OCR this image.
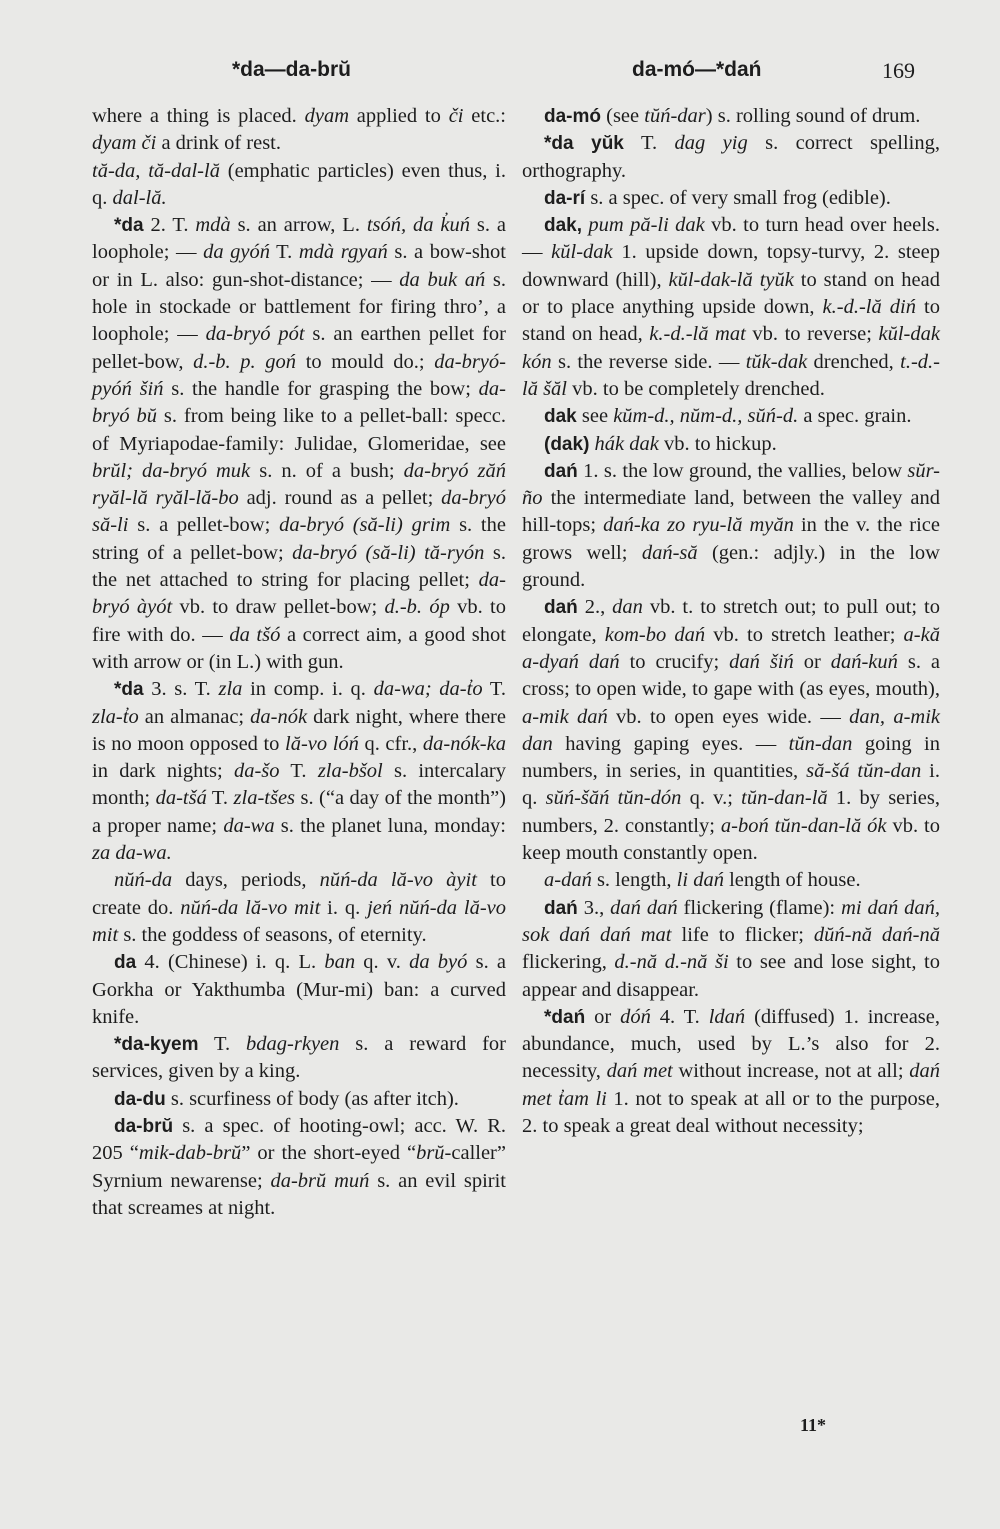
*da—da-brŭ	da-mó—*dań	169

where a thing is placed. dyam applied to či etc.: dyam či a drink of rest.

tă-da, tă-dal-lă (emphatic particles) even thus, i. q. dal-lă.

*da 2. T. mdà s. an arrow, L. tsóń, da k̓uń s. a loophole; — da gyóń T. mdà rgyań s. a bow-shot or in L. also: gun-shot-distance; — da buk ań s. hole in stockade or battlement for firing thro’, a loophole; — da-bryó pót s. an earthen pellet for pellet-bow, d.-b. p. goń to mould do.; da-bryó-pyóń šiń s. the handle for grasping the bow; da-bryó bŭ s. from being like to a pellet-ball: specc. of Myriapodae-family: Julidae, Glomeridae, see brŭl; da-bryó muk s. n. of a bush; da-bryó zăń ryăl-lă ryăl-lă-bo adj. round as a pellet; da-bryó să-li s. a pellet-bow; da-bryó (să-li) grim s. the string of a pellet-bow; da-bryó (să-li) tă-ryón s. the net attached to string for placing pellet; da-bryó àyót vb. to draw pellet-bow; d.-b. óp vb. to fire with do. — da tšó a correct aim, a good shot with arrow or (in L.) with gun.

*da 3. s. T. zla in comp. i. q. da-wa; da-t̓o T. zla-t̓o an almanac; da-nók dark night, where there is no moon opposed to lă-vo lóń q. cfr., da-nók-ka in dark nights; da-šo T. zla-bšol s. intercalary month; da-tšá T. zla-tšes s. (“a day of the month”) a proper name; da-wa s. the planet luna, monday: za da-wa.

nŭń-da days, periods, nŭń-da lă-vo àyit to create do. nŭń-da lă-vo mit i. q. jeń nŭń-da lă-vo mit s. the goddess of seasons, of eternity.

da 4. (Chinese) i. q. L. ban q. v. da byó s. a Gorkha or Yakthumba (Mur-mi) ban: a curved knife.

*da-kyem T. bdag-rkyen s. a reward for services, given by a king.

da-du s. scurfiness of body (as after itch).

da-brŭ s. a spec. of hooting-owl; acc. W. R. 205 “mik-dab-brŭ” or the short-eyed “brŭ-caller” Syrnium newarense; da-brŭ muń s. an evil spirit that screames at night.

da-mó (see tŭń-dar) s. rolling sound of drum.

*da yŭk T. dag yig s. correct spelling, orthography.

da-rí s. a spec. of very small frog (edible).

dak, pum pă-li dak vb. to turn head over heels. — kŭl-dak 1. upside down, topsy-turvy, 2. steep downward (hill), kŭl-dak-lă tyŭk to stand on head or to place anything upside down, k.-d.-lă diń to stand on head, k.-d.-lă mat vb. to reverse; kŭl-dak kón s. the reverse side. — tŭk-dak drenched, t.-d.-lă šăl vb. to be completely drenched.

dak see kŭm-d., nŭm-d., sŭń-d. a spec. grain.

(dak) hák dak vb. to hickup.

dań 1. s. the low ground, the vallies, below sŭr-ño the intermediate land, between the valley and hill-tops; dań-ka zo ryu-lă myăn in the v. the rice grows well; dań-să (gen.: adjly.) in the low ground.

dań 2., dan vb. t. to stretch out; to pull out; to elongate, kom-bo dań vb. to stretch leather; a-kă a-dyań dań to crucify; dań šiń or dań-kuń s. a cross; to open wide, to gape with (as eyes, mouth), a-mik dań vb. to open eyes wide. — dan, a-mik dan having gaping eyes. — tŭn-dan going in numbers, in series, in quantities, să-šá tŭn-dan i. q. sŭń-šăń tŭn-dón q. v.; tŭn-dan-lă 1. by series, numbers, 2. constantly; a-boń tŭn-dan-lă ók vb. to keep mouth constantly open.

a-dań s. length, li dań length of house.

dań 3., dań dań flickering (flame): mi dań dań, sok dań dań mat life to flicker; dŭń-nă dań-nă flickering, d.-nă d.-nă ši to see and lose sight, to appear and disappear.

*dań or dóń 4. T. ldań (diffused) 1. increase, abundance, much, used by L.’s also for 2. necessity, dań met without increase, not at all; dań met t̓am li 1. not to speak at all or to the purpose, 2. to speak a great deal without necessity;

11*
